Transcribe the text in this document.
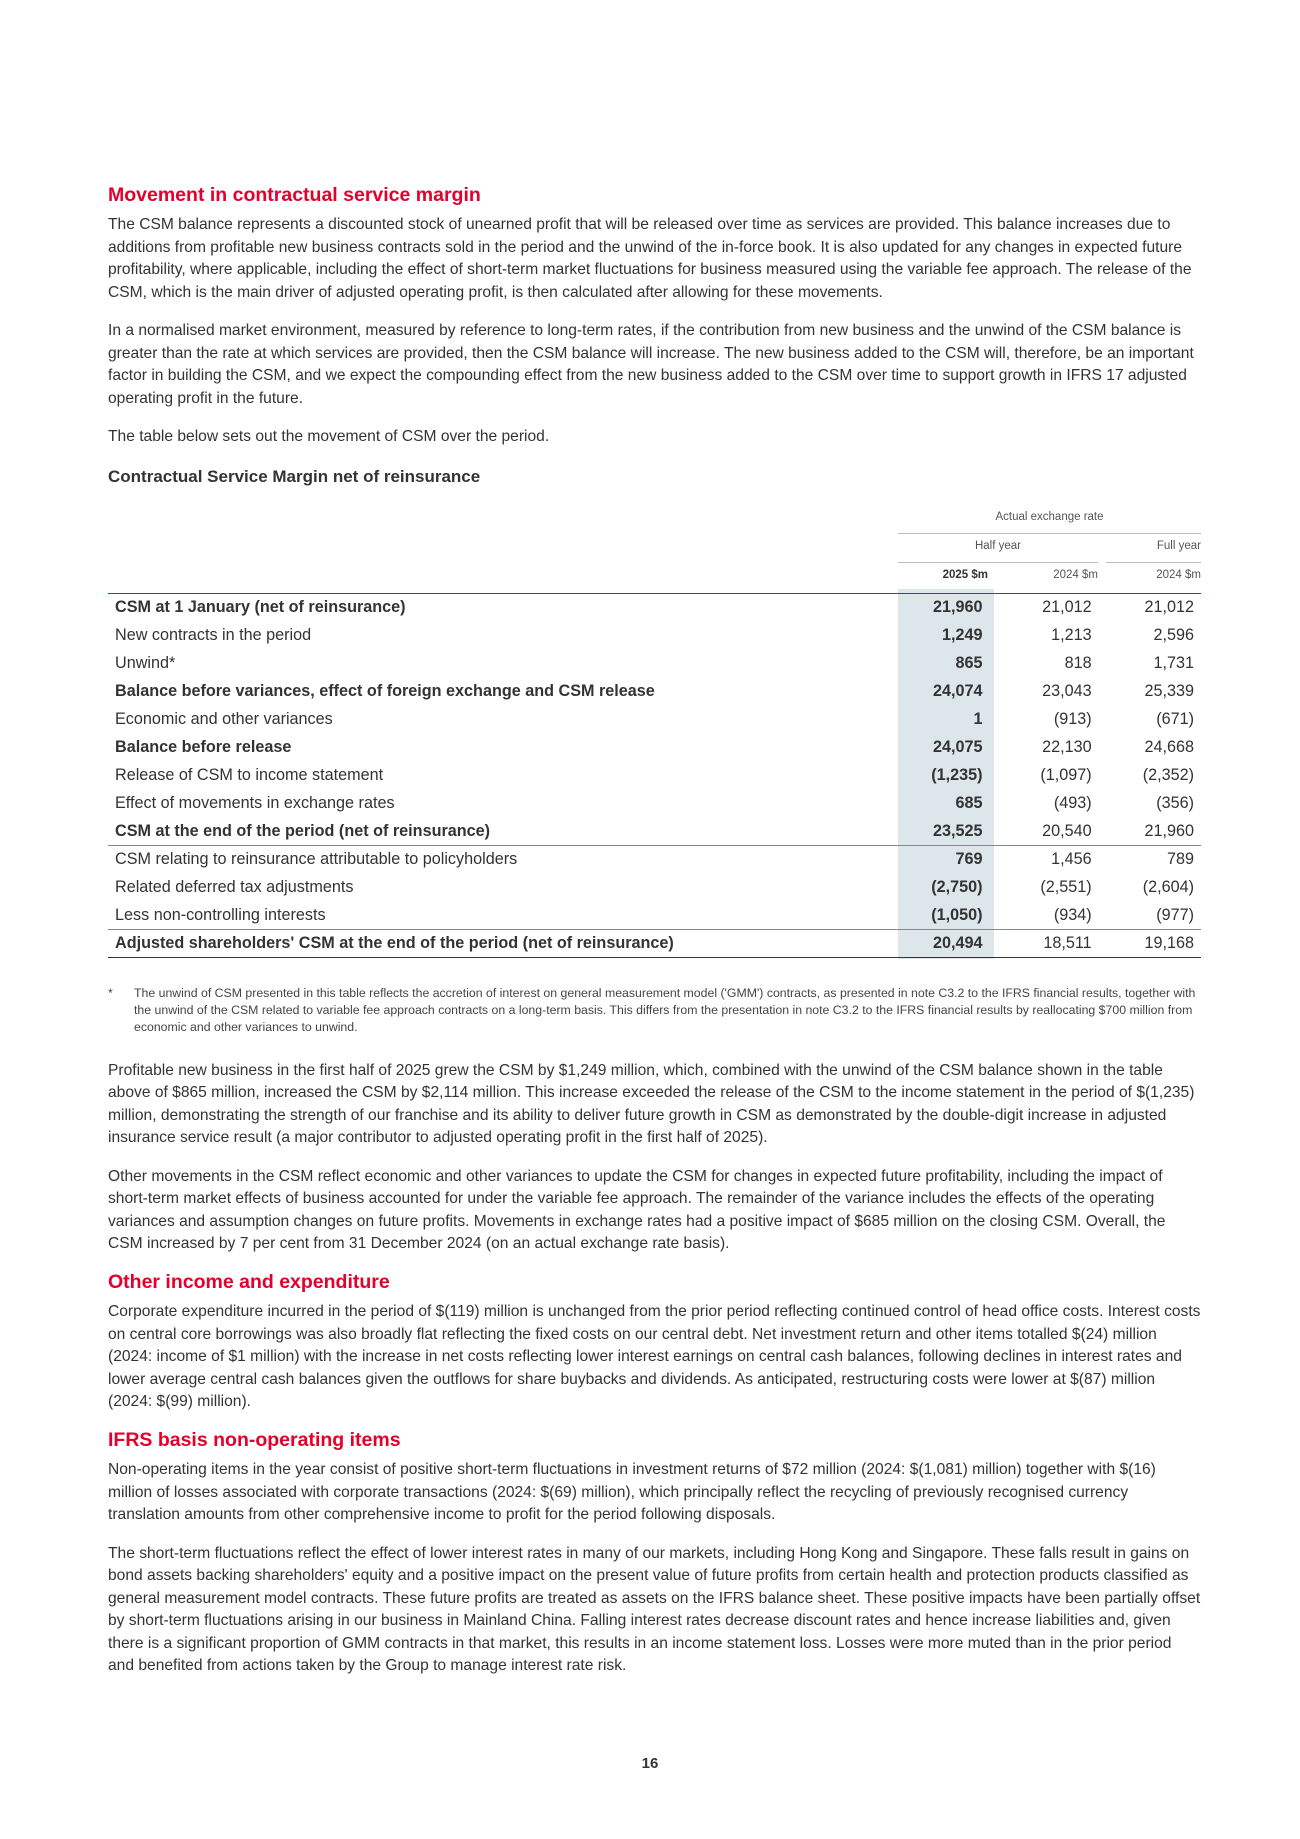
Movement in contractual service margin

The CSM balance represents a discounted stock of unearned profit that will be released over time as services are provided. This balance increases due to additions from profitable new business contracts sold in the period and the unwind of the in-force book. It is also updated for any changes in expected future profitability, where applicable, including the effect of short-term market fluctuations for business measured using the variable fee approach. The release of the CSM, which is the main driver of adjusted operating profit, is then calculated after allowing for these movements.

In a normalised market environment, measured by reference to long-term rates, if the contribution from new business and the unwind of the CSM balance is greater than the rate at which services are provided, then the CSM balance will increase. The new business added to the CSM will, therefore, be an important factor in building the CSM, and we expect the compounding effect from the new business added to the CSM over time to support growth in IFRS 17 adjusted operating profit in the future.

The table below sets out the movement of CSM over the period.

Contractual Service Margin net of reinsurance
Actual exchange rate
Half year	Full year
2025 $m	2024 $m	2024 $m
CSM at 1 January (net of reinsurance)	21,960	21,012	21,012
New contracts in the period	1,249	1,213	2,596
Unwind*	865	818	1,731
Balance before variances, effect of foreign exchange and CSM release	24,074	23,043	25,339
Economic and other variances	1	(913)	(671)
Balance before release	24,075	22,130	24,668
Release of CSM to income statement	(1,235)	(1,097)	(2,352)
Effect of movements in exchange rates	685	(493)	(356)
CSM at the end of the period (net of reinsurance)	23,525	20,540	21,960
CSM relating to reinsurance attributable to policyholders	769	1,456	789
Related deferred tax adjustments	(2,750)	(2,551)	(2,604)
Less non-controlling interests	(1,050)	(934)	(977)
Adjusted shareholders' CSM at the end of the period (net of reinsurance)	20,494	18,511	19,168
* The unwind of CSM presented in this table reflects the accretion of interest on general measurement model ('GMM') contracts, as presented in note C3.2 to the IFRS financial results, together with the unwind of the CSM related to variable fee approach contracts on a long-term basis. This differs from the presentation in note C3.2 to the IFRS financial results by reallocating $700 million from economic and other variances to unwind.

Profitable new business in the first half of 2025 grew the CSM by $1,249 million, which, combined with the unwind of the CSM balance shown in the table above of $865 million, increased the CSM by $2,114 million. This increase exceeded the release of the CSM to the income statement in the period of $(1,235) million, demonstrating the strength of our franchise and its ability to deliver future growth in CSM as demonstrated by the double-digit increase in adjusted insurance service result (a major contributor to adjusted operating profit in the first half of 2025).

Other movements in the CSM reflect economic and other variances to update the CSM for changes in expected future profitability, including the impact of short-term market effects of business accounted for under the variable fee approach. The remainder of the variance includes the effects of the operating variances and assumption changes on future profits. Movements in exchange rates had a positive impact of $685 million on the closing CSM. Overall, the CSM increased by 7 per cent from 31 December 2024 (on an actual exchange rate basis).

Other income and expenditure

Corporate expenditure incurred in the period of $(119) million is unchanged from the prior period reflecting continued control of head office costs. Interest costs on central core borrowings was also broadly flat reflecting the fixed costs on our central debt. Net investment return and other items totalled $(24) million (2024: income of $1 million) with the increase in net costs reflecting lower interest earnings on central cash balances, following declines in interest rates and lower average central cash balances given the outflows for share buybacks and dividends. As anticipated, restructuring costs were lower at $(87) million (2024: $(99) million).

IFRS basis non-operating items

Non-operating items in the year consist of positive short-term fluctuations in investment returns of $72 million (2024: $(1,081) million) together with $(16) million of losses associated with corporate transactions (2024: $(69) million), which principally reflect the recycling of previously recognised currency translation amounts from other comprehensive income to profit for the period following disposals.

The short-term fluctuations reflect the effect of lower interest rates in many of our markets, including Hong Kong and Singapore. These falls result in gains on bond assets backing shareholders' equity and a positive impact on the present value of future profits from certain health and protection products classified as general measurement model contracts. These future profits are treated as assets on the IFRS balance sheet. These positive impacts have been partially offset by short-term fluctuations arising in our business in Mainland China. Falling interest rates decrease discount rates and hence increase liabilities and, given there is a significant proportion of GMM contracts in that market, this results in an income statement loss. Losses were more muted than in the prior period and benefited from actions taken by the Group to manage interest rate risk.

16
